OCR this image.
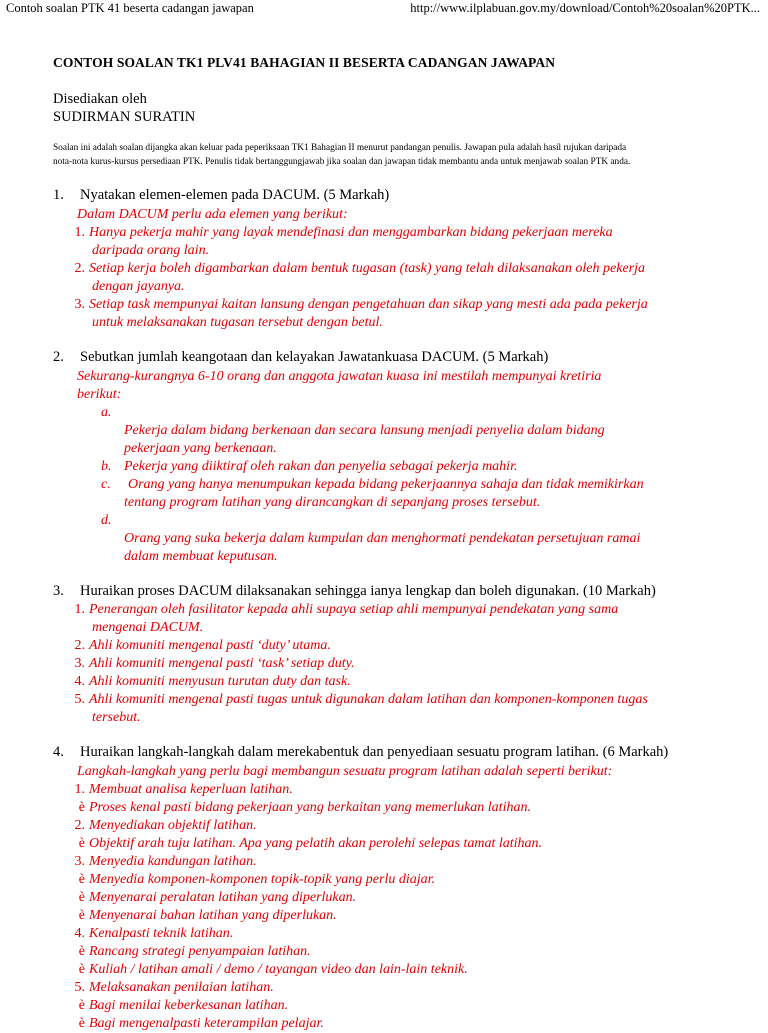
Contoh soalan PTK 41 beserta cadangan jawapan	http://www.ilplabuan.gov.my/download/Contoh%20soalan%20PTK...
CONTOH SOALAN TK1 PLV41 BAHAGIAN II BESERTA CADANGAN JAWAPAN
Disediakan oleh
SUDIRMAN SURATIN
Soalan ini adalah soalan dijangka akan keluar pada peperiksaan TK1 Bahagian II menurut pandangan penulis. Jawapan pula adalah hasil rujukan daripada
nota-nota kurus-kursus persediaan PTK. Penulis tidak bertanggungjawab jika soalan dan jawapan tidak membantu anda untuk menjawab soalan PTK anda.
1. Nyatakan elemen-elemen pada DACUM. (5 Markah)
Dalam DACUM perlu ada elemen yang berikut:
1. Hanya pekerja mahir yang layak mendefinasi dan menggambarkan bidang pekerjaan mereka
daripada orang lain.
2. Setiap kerja boleh digambarkan dalam bentuk tugasan (task) yang telah dilaksanakan oleh pekerja
dengan jayanya.
3. Setiap task mempunyai kaitan lansung dengan pengetahuan dan sikap yang mesti ada pada pekerja
untuk melaksanakan tugasan tersebut dengan betul.
2. Sebutkan jumlah keangotaan dan kelayakan Jawatankuasa DACUM. (5 Markah)
Sekurang-kurangnya 6-10 orang dan anggota jawatan kuasa ini mestilah mempunyai kretiria
berikut:
a.
Pekerja dalam bidang berkenaan dan secara lansung menjadi penyelia dalam bidang
pekerjaan yang berkenaan.
b. Pekerja yang diiktiraf oleh rakan dan penyelia sebagai pekerja mahir.
c. Orang yang hanya menumpukan kepada bidang pekerjaannya sahaja dan tidak memikirkan
tentang program latihan yang dirancangkan di sepanjang proses tersebut.
d.
Orang yang suka bekerja dalam kumpulan dan menghormati pendekatan persetujuan ramai
dalam membuat keputusan.
3. Huraikan proses DACUM dilaksanakan sehingga ianya lengkap dan boleh digunakan. (10 Markah)
1. Penerangan oleh fasilitator kepada ahli supaya setiap ahli mempunyai pendekatan yang sama
mengenai DACUM.
2. Ahli komuniti mengenal pasti ‘duty’ utama.
3. Ahli komuniti mengenal pasti ‘task’ setiap duty.
4. Ahli komuniti menyusun turutan duty dan task.
5. Ahli komuniti mengenal pasti tugas untuk digunakan dalam latihan dan komponen-komponen tugas
tersebut.
4. Huraikan langkah-langkah dalam merekabentuk dan penyediaan sesuatu program latihan. (6 Markah)
Langkah-langkah yang perlu bagi membangun sesuatu program latihan adalah seperti berikut:
1. Membuat analisa keperluan latihan.
è Proses kenal pasti bidang pekerjaan yang berkaitan yang memerlukan latihan.
2. Menyediakan objektif latihan.
è Objektif arah tuju latihan. Apa yang pelatih akan perolehi selepas tamat latihan.
3. Menyedia kandungan latihan.
è Menyedia komponen-komponen topik-topik yang perlu diajar.
è Menyenarai peralatan latihan yang diperlukan.
è Menyenarai bahan latihan yang diperlukan.
4. Kenalpasti teknik latihan.
è Rancang strategi penyampaian latihan.
è Kuliah / latihan amali / demo / tayangan video dan lain-lain teknik.
5. Melaksanakan penilaian latihan.
è Bagi menilai keberkesanan latihan.
è Bagi mengenalpasti keterampilan pelajar.
